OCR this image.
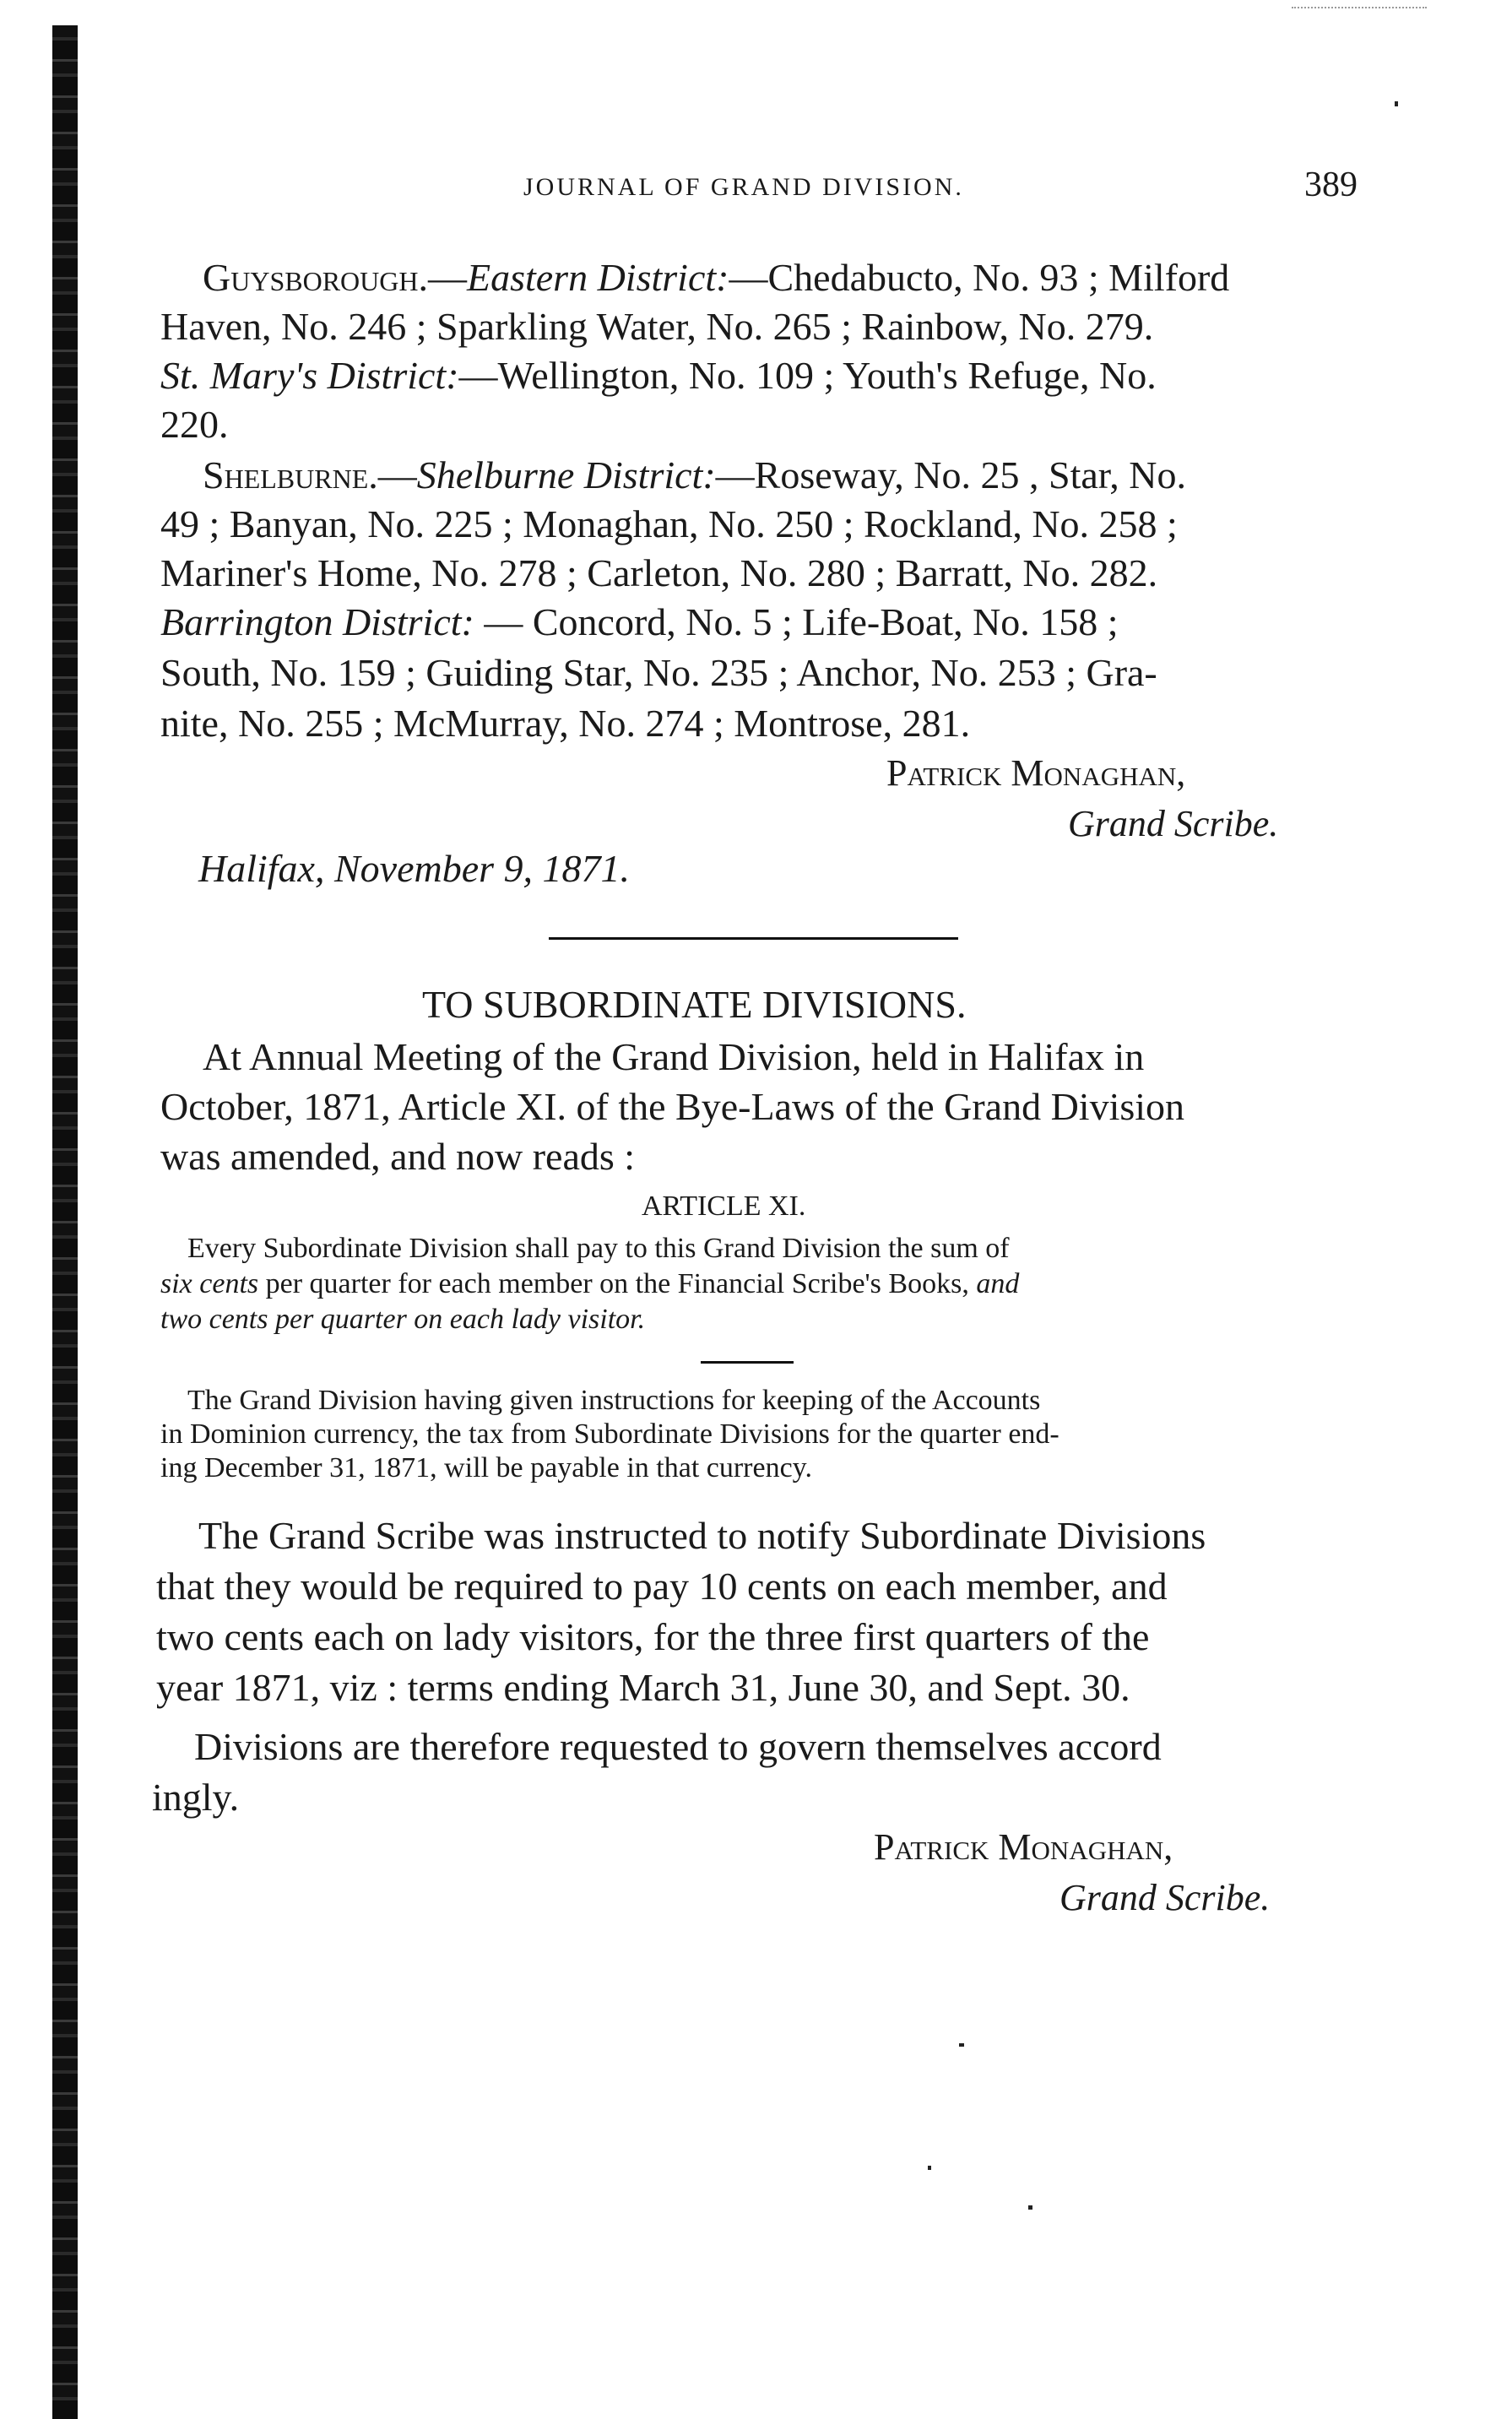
JOURNAL OF GRAND DIVISION.	389
Guysborough.—Eastern District:—Chedabucto, No. 93 ; Milford
Haven, No. 246 ; Sparkling Water, No. 265 ; Rainbow, No. 279.
St. Mary's District:—Wellington, No. 109 ; Youth's Refuge, No.
220.
Shelburne.—Shelburne District:—Roseway, No. 25 , Star, No.
49 ; Banyan, No. 225 ; Monaghan, No. 250 ; Rockland, No. 258 ;
Mariner's Home, No. 278 ; Carleton, No. 280 ; Barratt, No. 282.
Barrington District: — Concord, No. 5 ; Life-Boat, No. 158 ;
South, No. 159 ; Guiding Star, No. 235 ; Anchor, No. 253 ; Gra-
nite, No. 255 ; McMurray, No. 274 ; Montrose, 281.
Patrick Monaghan,
Grand Scribe.
Halifax, November 9, 1871.
TO SUBORDINATE DIVISIONS.
At Annual Meeting of the Grand Division, held in Halifax in
October, 1871, Article XI. of the Bye-Laws of the Grand Division
was amended, and now reads :
ARTICLE XI.
Every Subordinate Division shall pay to this Grand Division the sum of
six cents per quarter for each member on the Financial Scribe's Books, and
two cents per quarter on each lady visitor.
The Grand Division having given instructions for keeping of the Accounts
in Dominion currency, the tax from Subordinate Divisions for the quarter end-
ing December 31, 1871, will be payable in that currency.
The Grand Scribe was instructed to notify Subordinate Divisions
that they would be required to pay 10 cents on each member, and
two cents each on lady visitors, for the three first quarters of the
year 1871, viz : terms ending March 31, June 30, and Sept. 30.
Divisions are therefore requested to govern themselves accord
ingly.
Patrick Monaghan,
Grand Scribe.
